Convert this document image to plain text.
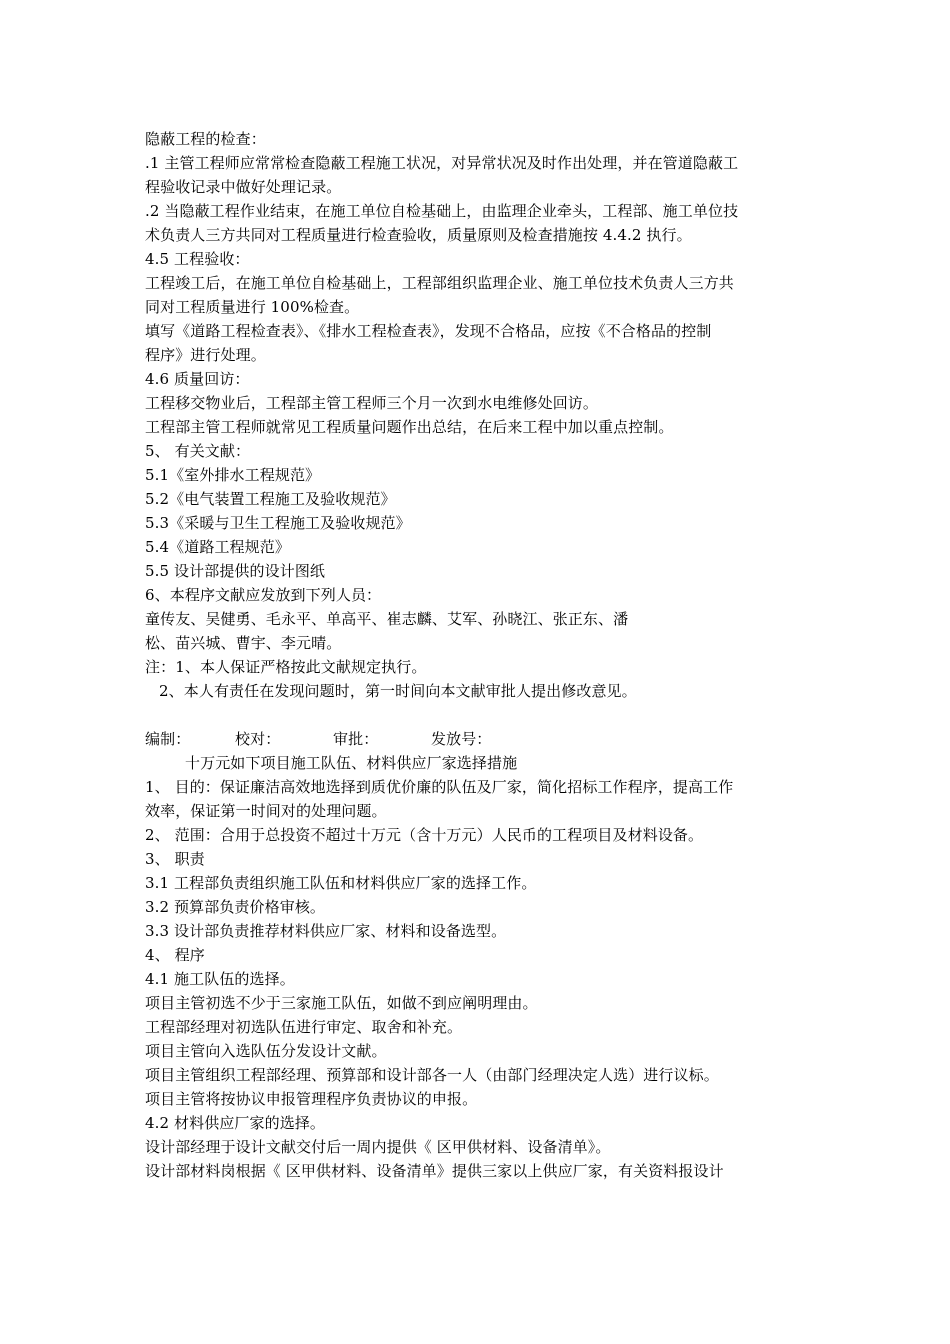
隐蔽工程的检查：
.1 主管工程师应常常检查隐蔽工程施工状况，对异常状况及时作出处理，并在管道隐蔽工
程验收记录中做好处理记录。
.2 当隐蔽工程作业结束，在施工单位自检基础上，由监理企业牵头，工程部、施工单位技
术负责人三方共同对工程质量进行检查验收，质量原则及检查措施按 4.4.2 执行。
4.5 工程验收：
工程竣工后，在施工单位自检基础上，工程部组织监理企业、施工单位技术负责人三方共
同对工程质量进行 100%检查。
填写《道路工程检查表》、《排水工程检查表》，发现不合格品，应按《不合格品的控制
程序》进行处理。
4.6 质量回访：
工程移交物业后，工程部主管工程师三个月一次到水电维修处回访。
工程部主管工程师就常见工程质量问题作出总结，在后来工程中加以重点控制。
5、 有关文献：
5.1《室外排水工程规范》
5.2《电气装置工程施工及验收规范》
5.3《采暖与卫生工程施工及验收规范》
5.4《道路工程规范》
5.5 设计部提供的设计图纸
6、本程序文献应发放到下列人员：
童传友、吴健勇、毛永平、单高平、崔志麟、艾军、孙晓江、张正东、潘
松、苗兴城、曹宇、李元晴。
注：1、本人保证严格按此文献规定执行。
2、本人有责任在发现问题时，第一时间向本文献审批人提出修改意见。
编制：	校对：	审批：	发放号：
十万元如下项目施工队伍、材料供应厂家选择措施
1、 目的：保证廉洁高效地选择到质优价廉的队伍及厂家，简化招标工作程序，提高工作
效率，保证第一时间对的处理问题。
2、 范围：合用于总投资不超过十万元（含十万元）人民币的工程项目及材料设备。
3、 职责
3.1 工程部负责组织施工队伍和材料供应厂家的选择工作。
3.2 预算部负责价格审核。
3.3 设计部负责推荐材料供应厂家、材料和设备选型。
4、 程序
4.1 施工队伍的选择。
项目主管初选不少于三家施工队伍，如做不到应阐明理由。
工程部经理对初选队伍进行审定、取舍和补充。
项目主管向入选队伍分发设计文献。
项目主管组织工程部经理、预算部和设计部各一人（由部门经理决定人选）进行议标。
项目主管将按协议申报管理程序负责协议的申报。
4.2 材料供应厂家的选择。
设计部经理于设计文献交付后一周内提供《 区甲供材料、设备清单》。
设计部材料岗根据《 区甲供材料、设备清单》提供三家以上供应厂家，有关资料报设计
